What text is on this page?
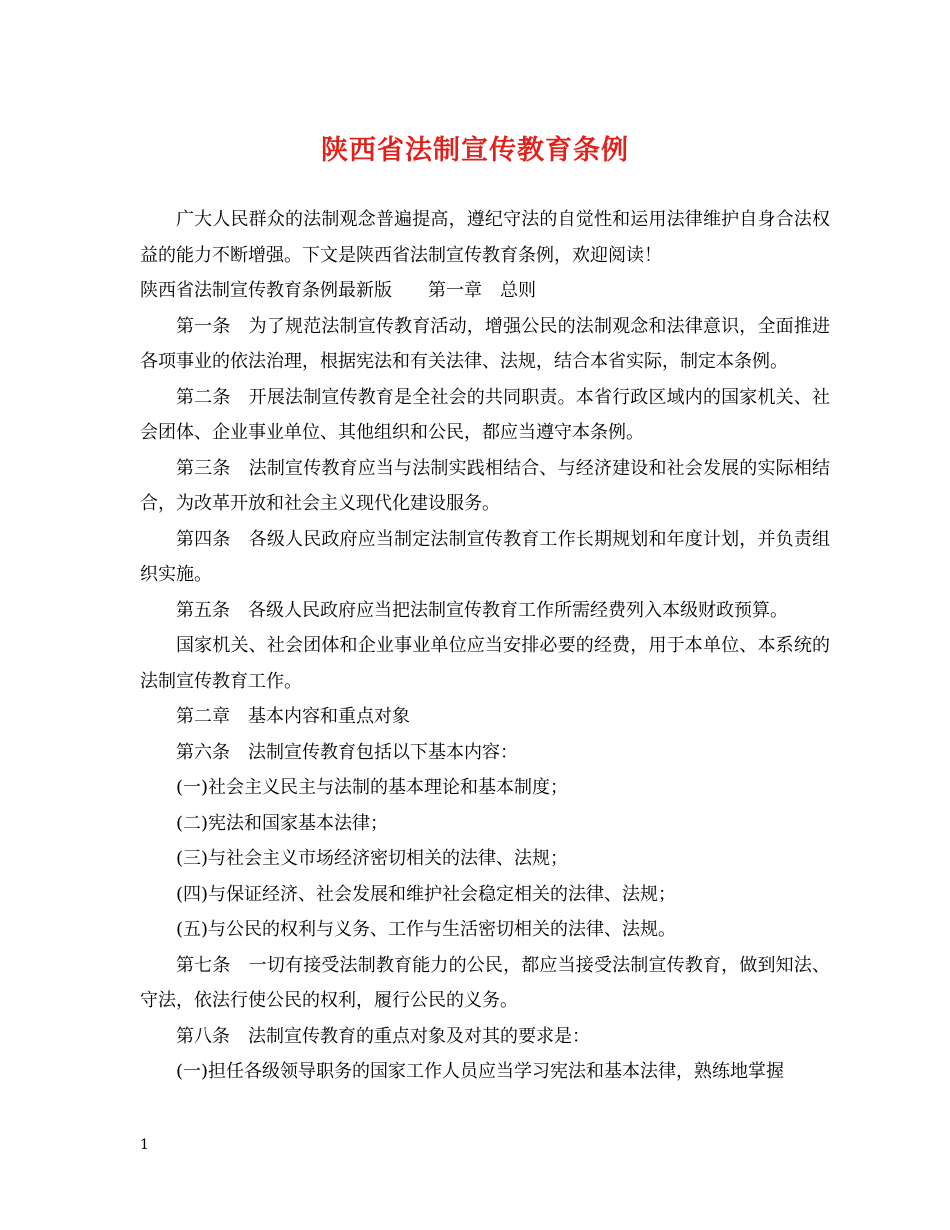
陕西省法制宣传教育条例

广大人民群众的法制观念普遍提高，遵纪守法的自觉性和运用法律维护自身合法权益的能力不断增强。下文是陕西省法制宣传教育条例，欢迎阅读！

陕西省法制宣传教育条例最新版　　第一章　总则

第一条　为了规范法制宣传教育活动，增强公民的法制观念和法律意识，全面推进各项事业的依法治理，根据宪法和有关法律、法规，结合本省实际，制定本条例。

第二条　开展法制宣传教育是全社会的共同职责。本省行政区域内的国家机关、社会团体、企业事业单位、其他组织和公民，都应当遵守本条例。

第三条　法制宣传教育应当与法制实践相结合、与经济建设和社会发展的实际相结合，为改革开放和社会主义现代化建设服务。

第四条　各级人民政府应当制定法制宣传教育工作长期规划和年度计划，并负责组织实施。

第五条　各级人民政府应当把法制宣传教育工作所需经费列入本级财政预算。

国家机关、社会团体和企业事业单位应当安排必要的经费，用于本单位、本系统的法制宣传教育工作。

第二章　基本内容和重点对象

第六条　法制宣传教育包括以下基本内容：

(一)社会主义民主与法制的基本理论和基本制度；

(二)宪法和国家基本法律；

(三)与社会主义市场经济密切相关的法律、法规；

(四)与保证经济、社会发展和维护社会稳定相关的法律、法规；

(五)与公民的权利与义务、工作与生活密切相关的法律、法规。

第七条　一切有接受法制教育能力的公民，都应当接受法制宣传教育，做到知法、守法，依法行使公民的权利，履行公民的义务。

第八条　法制宣传教育的重点对象及对其的要求是：

(一)担任各级领导职务的国家工作人员应当学习宪法和基本法律，熟练地掌握

1
